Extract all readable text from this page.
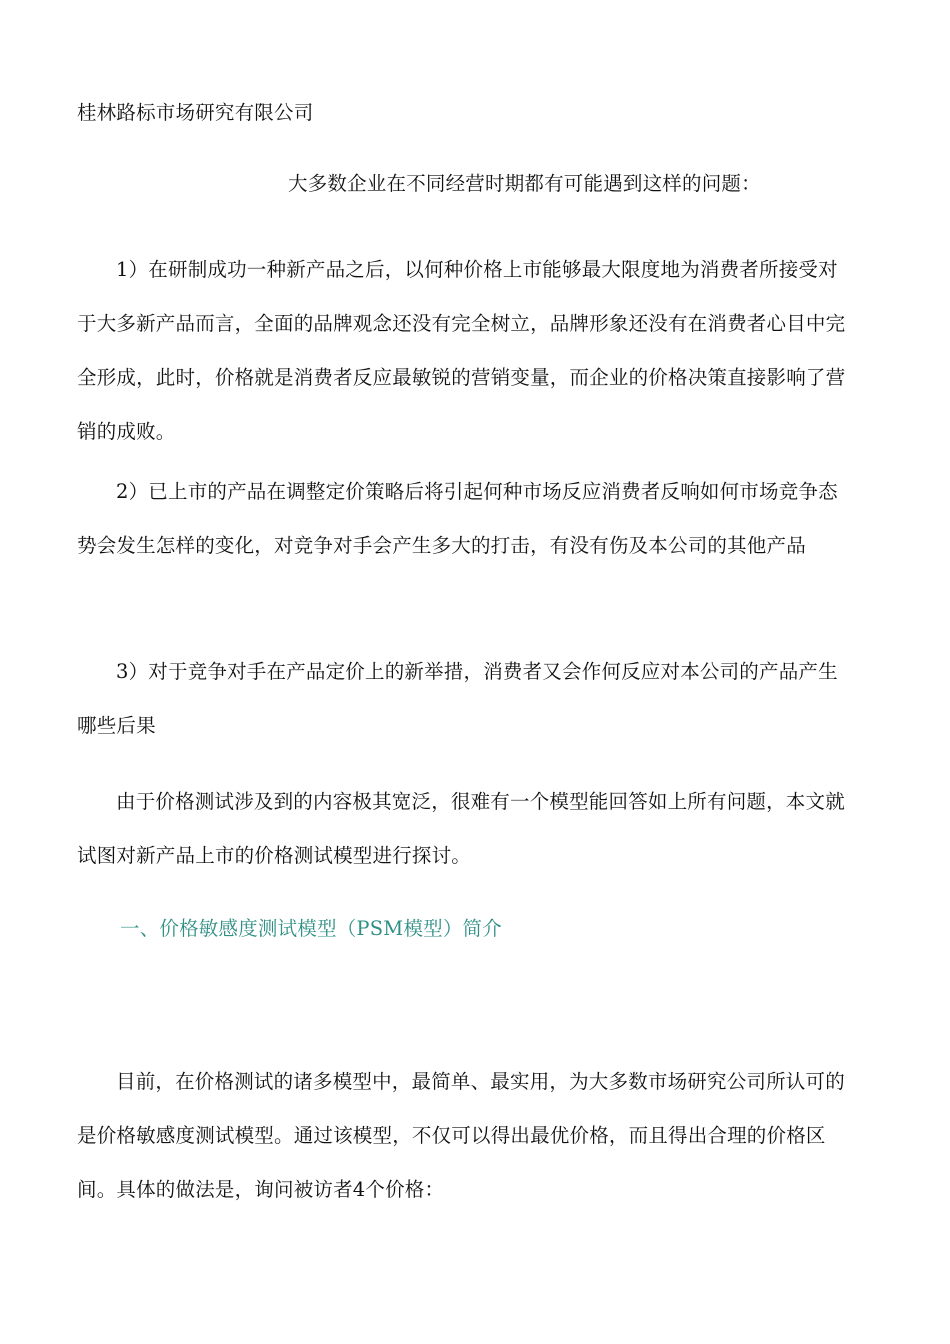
桂林路标市场研究有限公司
大多数企业在不同经营时期都有可能遇到这样的问题：
1）在研制成功一种新产品之后，以何种价格上市能够最大限度地为消费者所接受对于大多新产品而言，全面的品牌观念还没有完全树立，品牌形象还没有在消费者心目中完全形成，此时，价格就是消费者反应最敏锐的营销变量，而企业的价格决策直接影响了营销的成败。
2）已上市的产品在调整定价策略后将引起何种市场反应消费者反响如何市场竞争态势会发生怎样的变化，对竞争对手会产生多大的打击，有没有伤及本公司的其他产品
3）对于竞争对手在产品定价上的新举措，消费者又会作何反应对本公司的产品产生哪些后果
由于价格测试涉及到的内容极其宽泛，很难有一个模型能回答如上所有问题，本文就试图对新产品上市的价格测试模型进行探讨。
一、价格敏感度测试模型（PSM模型）简介
目前，在价格测试的诸多模型中，最简单、最实用，为大多数市场研究公司所认可的是价格敏感度测试模型。通过该模型，不仅可以得出最优价格，而且得出合理的价格区间。具体的做法是，询问被访者4个价格：
